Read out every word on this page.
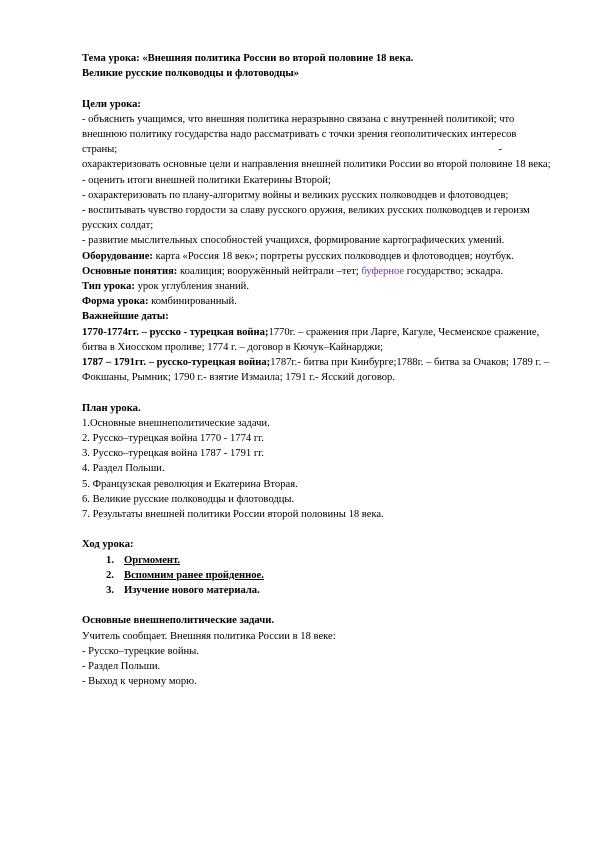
Тема урока: «Внешняя политика России во второй половине 18 века.

Великие русские полководцы и флотоводцы»

Цели урока:

- объяснить учащимся, что внешняя политика неразрывно связана с внутренней политикой; что внешнюю политику государства надо рассматривать с точки зрения геополитических интересов страны;	-

охарактеризовать основные цели и направления внешней политики России во второй половине 18 века;

- оценить итоги внешней политики Екатерины Второй;

- охарактеризовать по плану-алгоритму войны и великих русских полководцев и флотоводцев;

- воспитывать чувство гордости за славу русского оружия, великих русских полководцев и героизм русских солдат;

- развитие мыслительных способностей учащихся, формирование картографических умений.

Оборудование: карта «Россия 18 век»; портреты русских полководцев и флотоводцев; ноутбук.

Основные понятия: коалиция; вооружённый нейтрали –тет; буферное государство; эскадра.

Тип урока: урок углубления знаний.

Форма урока: комбинированный.

Важнейшие даты:

1770-1774гг. – русско - турецкая война;1770г. – сражения при Ларге, Кагуле, Чесменское сражение, битва в Хиосском проливе; 1774 г. – договор в Кючук–Кайнарджи;

1787 – 1791гг. – русско-турецкая война;1787г.- битва при Кинбурге;1788г. – битва за Очаков; 1789 г. – Фокшаны, Рымник; 1790 г.- взятие Измаила; 1791 г.- Ясский договор.

План урока.

1.Основные внешнеполитические задачи.

2. Русско–турецкая война 1770 - 1774 гг.

3. Русско–турецкая война 1787 - 1791 гг.

4. Раздел Польши.

5. Французская революция и Екатерина Вторая.

6. Великие русские полководцы и флотоводцы.

7. Результаты внешней политики России второй половины 18 века.

Ход урока:

1. Оргмомент.
2. Вспомним ранее пройденное.
3. Изучение нового материала.

Основные внешнеполитические задачи.

Учитель сообщает. Внешняя политика России в 18 веке:

- Русско–турецкие войны.

- Раздел Польши.

- Выход к черному морю.
